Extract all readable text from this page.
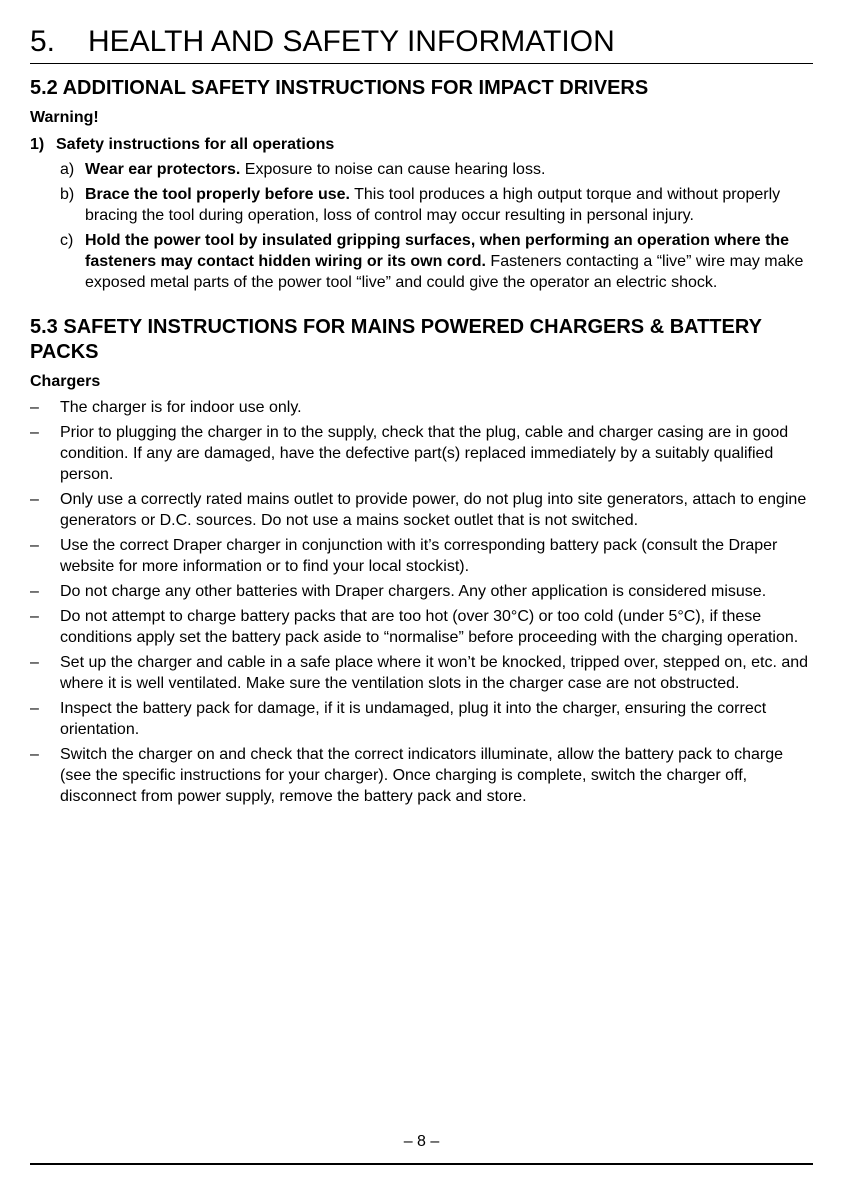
5. HEALTH AND SAFETY INFORMATION
5.2 ADDITIONAL SAFETY INSTRUCTIONS FOR IMPACT DRIVERS
Warning!
1) Safety instructions for all operations
a) Wear ear protectors. Exposure to noise can cause hearing loss.
b) Brace the tool properly before use. This tool produces a high output torque and without properly bracing the tool during operation, loss of control may occur resulting in personal injury.
c) Hold the power tool by insulated gripping surfaces, when performing an operation where the fasteners may contact hidden wiring or its own cord. Fasteners contacting a “live” wire may make exposed metal parts of the power tool “live” and could give the operator an electric shock.
5.3 SAFETY INSTRUCTIONS FOR MAINS POWERED CHARGERS & BATTERY PACKS
Chargers
–	The charger is for indoor use only.
–	Prior to plugging the charger in to the supply, check that the plug, cable and charger casing are in good condition. If any are damaged, have the defective part(s) replaced immediately by a suitably qualified person.
–	Only use a correctly rated mains outlet to provide power, do not plug into site generators, attach to engine generators or D.C. sources. Do not use a mains socket outlet that is not switched.
–	Use the correct Draper charger in conjunction with it’s corresponding battery pack (consult the Draper website for more information or to find your local stockist).
–	Do not charge any other batteries with Draper chargers. Any other application is considered misuse.
–	Do not attempt to charge battery packs that are too hot (over 30°C) or too cold (under 5°C), if these conditions apply set the battery pack aside to “normalise” before proceeding with the charging operation.
–	Set up the charger and cable in a safe place where it won’t be knocked, tripped over, stepped on, etc. and where it is well ventilated. Make sure the ventilation slots in the charger case are not obstructed.
–	Inspect the battery pack for damage, if it is undamaged, plug it into the charger, ensuring the correct orientation.
–	Switch the charger on and check that the correct indicators illuminate, allow the battery pack to charge (see the specific instructions for your charger). Once charging is complete, switch the charger off, disconnect from power supply, remove the battery pack and store.
– 8 –
